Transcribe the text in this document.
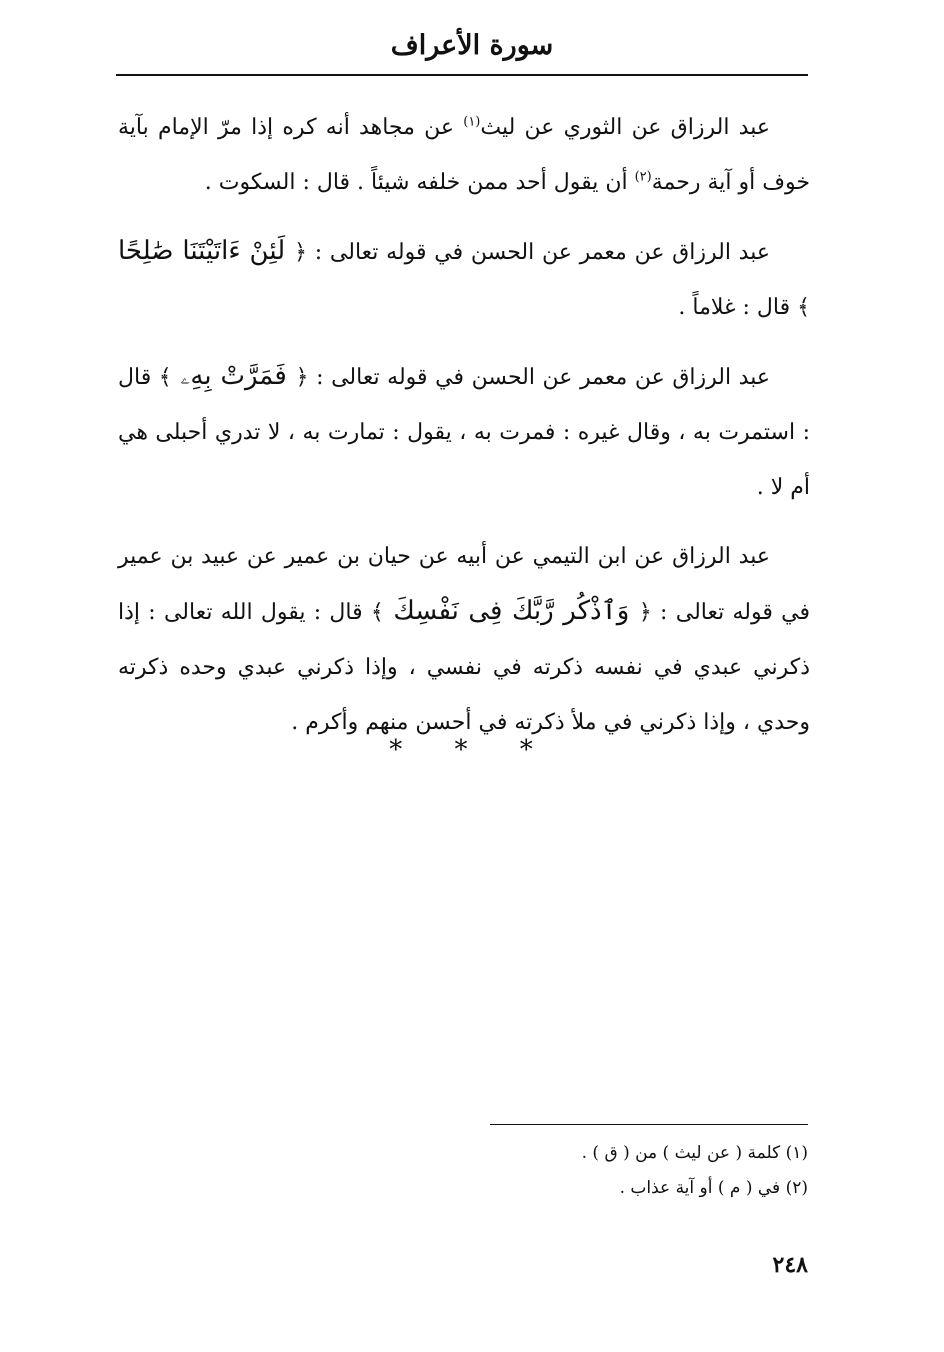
سورة الأعراف

عبد الرزاق عن الثوري عن ليث$^{(١)}$ عن مجاهد أنه كره إذا مرّ الإمام بآية خوف أو آية رحمة$^{(٢)}$ أن يقول أحد ممن خلفه شيئاً . قال : السكوت .

عبد الرزاق عن معمر عن الحسن في قوله تعالى : ﴿ لَئِنْ ءَاتَيْتَنَا صَٰلِحًا ﴾ قال : غلاماً .

عبد الرزاق عن معمر عن الحسن في قوله تعالى : ﴿ فَمَرَّتْ بِهِۦ ﴾ قال : استمرت به ، وقال غيره : فمرت به ، يقول : تمارت به ، لا تدري أحبلى هي أم لا .

عبد الرزاق عن ابن التيمي عن أبيه عن حيان بن عمير عن عبيد بن عمير في قوله تعالى : ﴿ وَٱذْكُر رَّبَّكَ فِى نَفْسِكَ ﴾ قال : يقول الله تعالى : إذا ذكرني عبدي في نفسه ذكرته في نفسي ، وإذا ذكرني عبدي وحده ذكرته وحدي ، وإذا ذكرني في ملأ ذكرته في أحسن منهم وأكرم .

* * *

(١) كلمة ( عن ليث ) من ( ق ) .

(٢) في ( م ) أو آية عذاب .

٢٤٨
